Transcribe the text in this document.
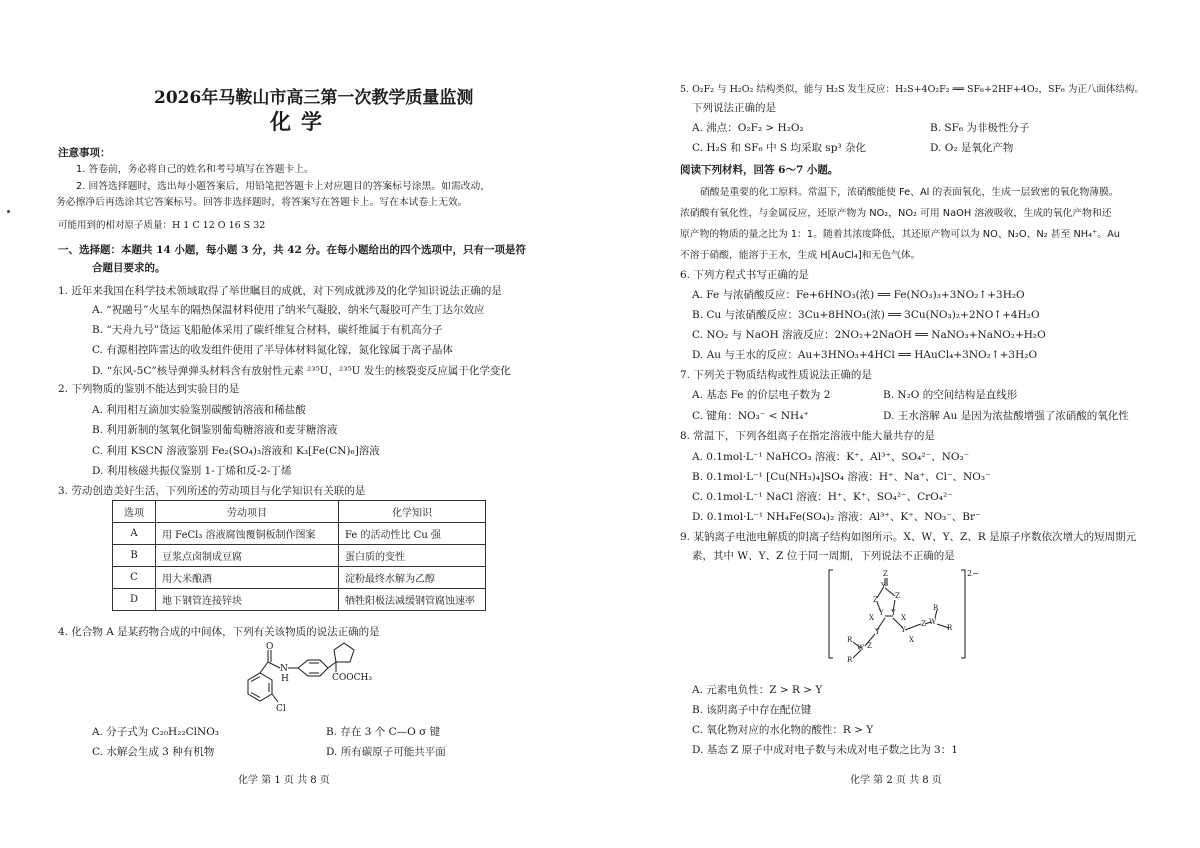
2026年马鞍山市高三第一次教学质量监测
化学
注意事项：
1. 答卷前，务必将自己的姓名和考号填写在答题卡上。
2. 回答选择题时，选出每小题答案后，用铅笔把答题卡上对应题目的答案标号涂黑。如需改动，
务必擦净后再选涂其它答案标号。回答非选择题时，将答案写在答题卡上。写在本试卷上无效。
可能用到的相对原子质量：H 1 C 12 O 16 S 32
一、选择题：本题共 14 小题，每小题 3 分，共 42 分。在每小题给出的四个选项中，只有一项是符
合题目要求的。
1. 近年来我国在科学技术领域取得了举世瞩目的成就，对下列成就涉及的化学知识说法正确的是
A. “祝融号”火星车的隔热保温材料使用了纳米气凝胶，纳米气凝胶可产生丁达尔效应
B. “天舟九号”货运飞船舱体采用了碳纤维复合材料，碳纤维属于有机高分子
C. 有源相控阵雷达的收发组件使用了半导体材料氮化镓，氮化镓属于离子晶体
D. “东风-5C”核导弹弹头材料含有放射性元素 ²³⁵U，²³⁵U 发生的核裂变反应属于化学变化
2. 下列物质的鉴别不能达到实验目的是
A. 利用相互滴加实验鉴别碳酸钠溶液和稀盐酸
B. 利用新制的氢氧化铜鉴别葡萄糖溶液和麦芽糖溶液
C. 利用 KSCN 溶液鉴别 Fe₂(SO₄)₃溶液和 K₃[Fe(CN)₆]溶液
D. 利用核磁共振仪鉴别 1-丁烯和反-2-丁烯
3. 劳动创造美好生活，下列所述的劳动项目与化学知识有关联的是
选项	劳动项目	化学知识
A	用 FeCl₃ 溶液腐蚀覆铜板制作图案	Fe 的活动性比 Cu 强
B	豆浆点卤制成豆腐	蛋白质的变性
C	用大米酿酒	淀粉最终水解为乙醇
D	地下钢管连接锌块	牺牲阳极法减缓钢管腐蚀速率
4. 化合物 A 是某药物合成的中间体，下列有关该物质的说法正确的是
O
N
H
Cl
COOCH₃
A. 分子式为 C₂₀H₂₂ClNO₃	B. 存在 3 个 C—O σ 键
C. 水解会生成 3 种有机物	D. 所有碳原子可能共平面
化学 第 1 页 共 8 页
5. O₂F₂ 与 H₂O₂ 结构类似，能与 H₂S 发生反应：H₂S+4O₂F₂ ══ SF₆+2HF+4O₂，SF₆ 为正八面体结构。
下列说法正确的是
A. 沸点：O₂F₂ > H₂O₂	B. SF₆ 为非极性分子
C. H₂S 和 SF₆ 中 S 均采取 sp³ 杂化	D. O₂ 是氧化产物
阅读下列材料，回答 6～7 小题。
硝酸是重要的化工原料。常温下，浓硝酸能使 Fe、Al 的表面氧化，生成一层致密的氧化物薄膜。
浓硝酸有氧化性，与金属反应，还原产物为 NO₂，NO₂ 可用 NaOH 溶液吸收，生成的氧化产物和还
原产物的物质的量之比为 1：1。随着其浓度降低，其还原产物可以为 NO、N₂O、N₂ 甚至 NH₄⁺。Au
不溶于硝酸，能溶于王水，生成 H[AuCl₄]和无色气体。
6. 下列方程式书写正确的是
A. Fe 与浓硝酸反应：Fe+6HNO₃(浓) ══ Fe(NO₃)₃+3NO₂↑+3H₂O
B. Cu 与浓硝酸反应：3Cu+8HNO₃(浓) ══ 3Cu(NO₃)₂+2NO↑+4H₂O
C. NO₂ 与 NaOH 溶液反应：2NO₂+2NaOH ══ NaNO₃+NaNO₂+H₂O
D. Au 与王水的反应：Au+3HNO₃+4HCl ══ HAuCl₄+3NO₂↑+3H₂O
7. 下列关于物质结构或性质说法正确的是
A. 基态 Fe 的价层电子数为 2	B. N₂O 的空间结构是直线形
C. 键角：NO₃⁻ < NH₄⁺	D. 王水溶解 Au 是因为浓盐酸增强了浓硝酸的氧化性
8. 常温下，下列各组离子在指定溶液中能大量共存的是
A. 0.1mol·L⁻¹ NaHCO₃ 溶液：K⁺、Al³⁺、SO₄²⁻、NO₃⁻
B. 0.1mol·L⁻¹ [Cu(NH₃)₄]SO₄ 溶液：H⁺、Na⁺、Cl⁻、NO₃⁻
C. 0.1mol·L⁻¹ NaCl 溶液：H⁺、K⁺、SO₄²⁻、CrO₄²⁻
D. 0.1mol·L⁻¹ NH₄Fe(SO₄)₂ 溶液：Al³⁺、K⁺、NO₃⁻、Br⁻
9. 某钠离子电池电解质的阴离子结构如图所示。X、W、Y、Z、R 是原子序数依次增大的短周期元
素，其中 W、Y、Z 位于同一周期，下列说法不正确的是
Z
Y
Z
Z
Y Y
X	X
Y	Y
Z W
R
R
W
R
R
Z
X
2−
A. 元素电负性：Z > R > Y
B. 该阴离子中存在配位键
C. 氧化物对应的水化物的酸性：R > Y
D. 基态 Z 原子中成对电子数与未成对电子数之比为 3：1
化学 第 2 页 共 8 页
